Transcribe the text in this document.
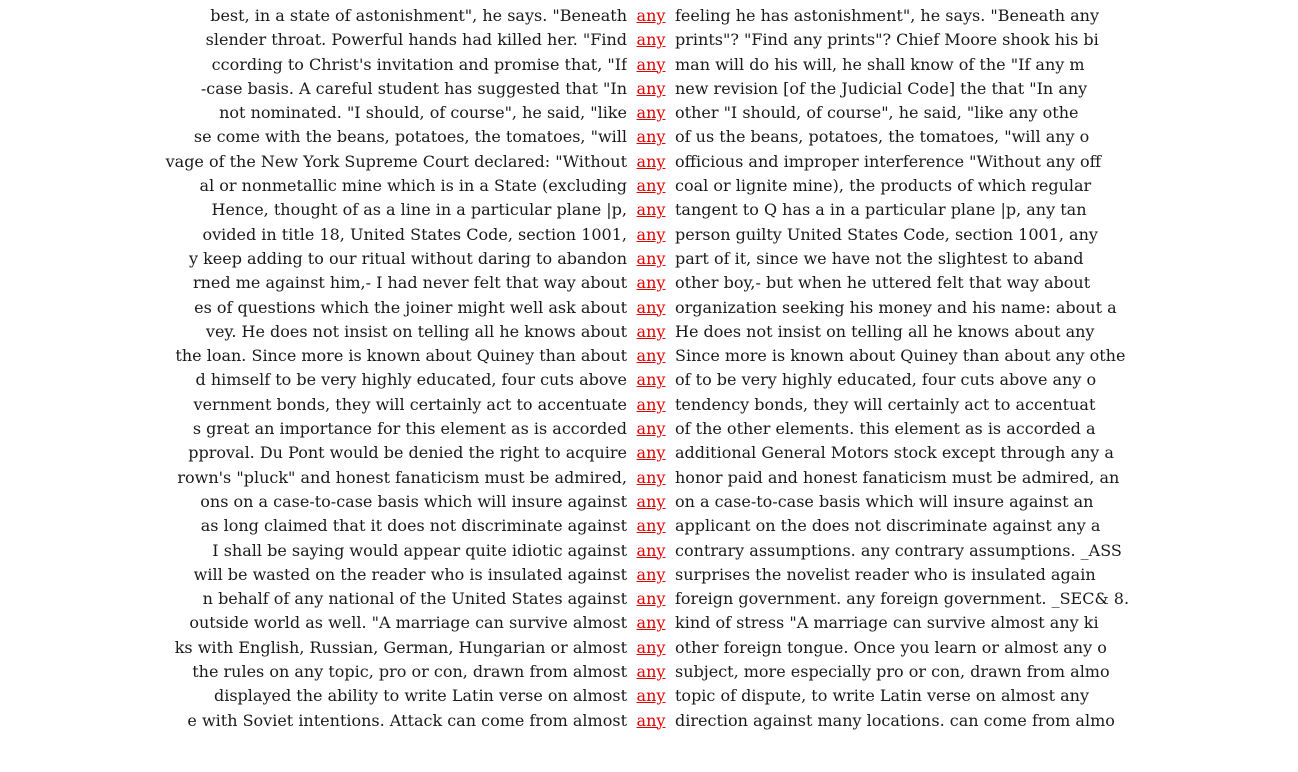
best, in a state of astonishment", he says. "Beneath any feeling he has astonishment", he says. "Beneath any
slender throat. Powerful hands had killed her. "Find any prints"? "Find any prints"? Chief Moore shook his bi
ccording to Christ's invitation and promise that, "If any man will do his will, he shall know of the "If any m
-case basis. A careful student has suggested that "In any new revision [of the Judicial Code] the that "In any
not nominated. "I should, of course", he said, "like any other "I should, of course", he said, "like any othe
se come with the beans, potatoes, the tomatoes, "will any of us the beans, potatoes, the tomatoes, "will any o
vage of the New York Supreme Court declared: "Without any officious and improper interference "Without any off
al or nonmetallic mine which is in a State (excluding any coal or lignite mine), the products of which regular
Hence, thought of as a line in a particular plane |p, any tangent to Q has a in a particular plane |p, any tan
ovided in title 18, United States Code, section 1001, any person guilty United States Code, section 1001, any
y keep adding to our ritual without daring to abandon any part of it, since we have not the slightest to aband
rned me against him,- I had never felt that way about any other boy,- but when he uttered felt that way about
es of questions which the joiner might well ask about any organization seeking his money and his name: about a
vey. He does not insist on telling all he knows about any He does not insist on telling all he knows about any
the loan. Since more is known about Quiney than about any Since more is known about Quiney than about any othe
d himself to be very highly educated, four cuts above any of to be very highly educated, four cuts above any o
vernment bonds, they will certainly act to accentuate any tendency bonds, they will certainly act to accentuat
s great an importance for this element as is accorded any of the other elements. this element as is accorded a
pproval. Du Pont would be denied the right to acquire any additional General Motors stock except through any a
rown's "pluck" and honest fanaticism must be admired, any honor paid and honest fanaticism must be admired, an
ons on a case-to-case basis which will insure against any on a case-to-case basis which will insure against an
as long claimed that it does not discriminate against any applicant on the does not discriminate against any a
I shall be saying would appear quite idiotic against any contrary assumptions. any contrary assumptions. _ASS
will be wasted on the reader who is insulated against any surprises the novelist reader who is insulated again
n behalf of any national of the United States against any foreign government. any foreign government. _SEC& 8.
outside world as well. "A marriage can survive almost any kind of stress "A marriage can survive almost any ki
ks with English, Russian, German, Hungarian or almost any other foreign tongue. Once you learn or almost any o
the rules on any topic, pro or con, drawn from almost any subject, more especially pro or con, drawn from almo
displayed the ability to write Latin verse on almost any topic of dispute, to write Latin verse on almost any
e with Soviet intentions. Attack can come from almost any direction against many locations. can come from almo
